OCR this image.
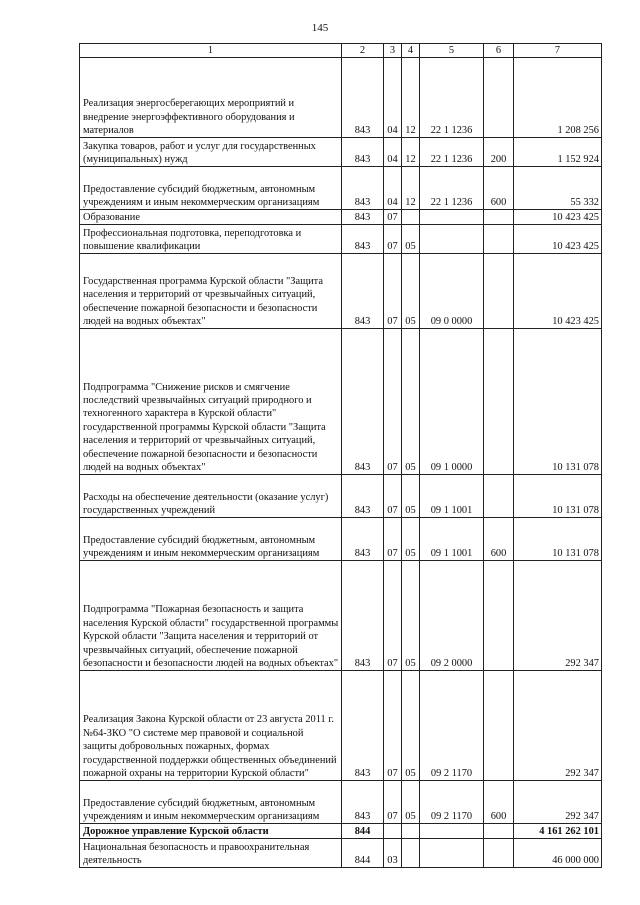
145
1	2	3	4	5	6	7
Реализация энергосберегающих мероприятий и внедрение энергоэффективного оборудования и материалов	843	04	12	22 1 1236		1 208 256
Закупка товаров, работ и услуг для государственных (муниципальных) нужд	843	04	12	22 1 1236	200	1 152 924
Предоставление субсидий бюджетным, автономным учреждениям и иным некоммерческим организациям	843	04	12	22 1 1236	600	55 332
Образование	843	07				10 423 425
Профессиональная подготовка, переподготовка и повышение квалификации	843	07	05			10 423 425
Государственная программа Курской области "Защита населения и территорий от чрезвычайных ситуаций, обеспечение пожарной безопасности и безопасности людей на водных объектах"	843	07	05	09 0 0000		10 423 425
Подпрограмма "Снижение рисков и смягчение последствий чрезвычайных ситуаций природного и техногенного характера в Курской области" государственной программы Курской области "Защита населения и территорий от чрезвычайных ситуаций, обеспечение пожарной безопасности и безопасности людей на водных объектах"	843	07	05	09 1 0000		10 131 078
Расходы на обеспечение деятельности (оказание услуг) государственных учреждений	843	07	05	09 1 1001		10 131 078
Предоставление субсидий бюджетным, автономным учреждениям и иным некоммерческим организациям	843	07	05	09 1 1001	600	10 131 078
Подпрограмма "Пожарная безопасность и защита населения Курской области" государственной программы Курской области "Защита населения и территорий от чрезвычайных ситуаций, обеспечение пожарной безопасности и безопасности людей на водных объектах"	843	07	05	09 2 0000		292 347
Реализация Закона Курской области от 23 августа 2011 г. №64-ЗКО "О системе мер правовой и социальной защиты добровольных пожарных, формах государственной поддержки общественных объединений пожарной охраны на территории Курской области"	843	07	05	09 2 1170		292 347
Предоставление субсидий бюджетным, автономным учреждениям и иным некоммерческим организациям	843	07	05	09 2 1170	600	292 347
Дорожное управление Курской области	844					4 161 262 101
Национальная безопасность и правоохранительная деятельность	844	03				46 000 000
